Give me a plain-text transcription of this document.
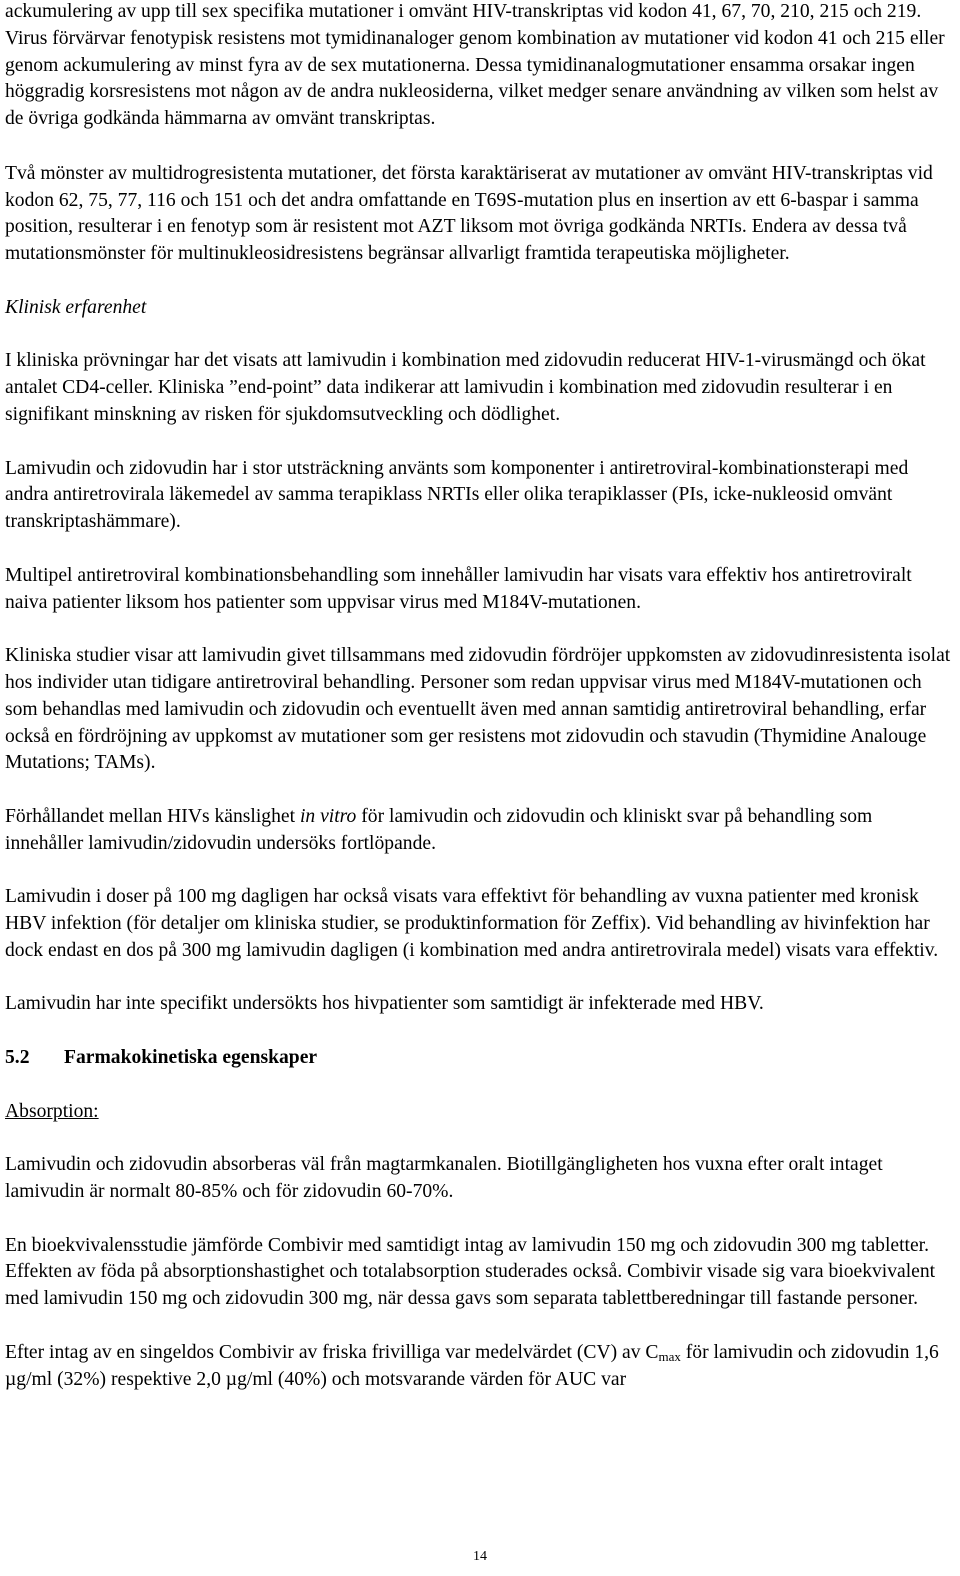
ackumulering av upp till sex specifika mutationer i omvänt HIV-transkriptas vid kodon 41, 67, 70, 210, 215 och 219. Virus förvärvar fenotypisk resistens mot tymidinanaloger genom kombination av mutationer vid kodon 41 och 215 eller genom ackumulering av minst fyra av de sex mutationerna. Dessa tymidinanalogmutationer ensamma orsakar ingen höggradig korsresistens mot någon av de andra nukleosiderna, vilket medger senare användning av vilken som helst av de övriga godkända hämmarna av omvänt transkriptas.

Två mönster av multidrogresistenta mutationer, det första karaktäriserat av mutationer av omvänt HIV-transkriptas vid kodon 62, 75, 77, 116 och 151 och det andra omfattande en T69S-mutation plus en insertion av ett 6-baspar i samma position, resulterar i en fenotyp som är resistent mot AZT liksom mot övriga godkända NRTIs. Endera av dessa två mutationsmönster för multinukleosidresistens begränsar allvarligt framtida terapeutiska möjligheter.

Klinisk erfarenhet

I kliniska prövningar har det visats att lamivudin i kombination med zidovudin reducerat HIV-1-virusmängd och ökat antalet CD4-celler. Kliniska ”end-point” data indikerar att lamivudin i kombination med zidovudin resulterar i en signifikant minskning av risken för sjukdomsutveckling och dödlighet.

Lamivudin och zidovudin har i stor utsträckning använts som komponenter i antiretroviral-kombinationsterapi med andra antiretrovirala läkemedel av samma terapiklass NRTIs eller olika terapiklasser (PIs, icke-nukleosid omvänt transkriptashämmare).

Multipel antiretroviral kombinationsbehandling som innehåller lamivudin har visats vara effektiv hos antiretroviralt naiva patienter liksom hos patienter som uppvisar virus med M184V-mutationen.

Kliniska studier visar att lamivudin givet tillsammans med zidovudin fördröjer uppkomsten av zidovudinresistenta isolat hos individer utan tidigare antiretroviral behandling. Personer som redan uppvisar virus med M184V-mutationen och som behandlas med lamivudin och zidovudin och eventuellt även med annan samtidig antiretroviral behandling, erfar också en fördröjning av uppkomst av mutationer som ger resistens mot zidovudin och stavudin (Thymidine Analouge Mutations; TAMs).

Förhållandet mellan HIVs känslighet in vitro för lamivudin och zidovudin och kliniskt svar på behandling som innehåller lamivudin/zidovudin undersöks fortlöpande.

Lamivudin i doser på 100 mg dagligen har också visats vara effektivt för behandling av vuxna patienter med kronisk HBV infektion (för detaljer om kliniska studier, se produktinformation för Zeffix). Vid behandling av hivinfektion har dock endast en dos på 300 mg lamivudin dagligen (i kombination med andra antiretrovirala medel) visats vara effektiv.

Lamivudin har inte specifikt undersökts hos hivpatienter som samtidigt är infekterade med HBV.

5.2 Farmakokinetiska egenskaper

Absorption:

Lamivudin och zidovudin absorberas väl från magtarmkanalen. Biotillgängligheten hos vuxna efter oralt intaget lamivudin är normalt 80-85% och för zidovudin 60-70%.

En bioekvivalensstudie jämförde Combivir med samtidigt intag av lamivudin 150 mg och zidovudin 300 mg tabletter. Effekten av föda på absorptionshastighet och totalabsorption studerades också. Combivir visade sig vara bioekvivalent med lamivudin 150 mg och zidovudin 300 mg, när dessa gavs som separata tablettberedningar till fastande personer.

Efter intag av en singeldos Combivir av friska frivilliga var medelvärdet (CV) av $C_{max}$ för lamivudin och zidovudin 1,6 µg/ml (32%) respektive 2,0 µg/ml (40%) och motsvarande värden för AUC var

14
